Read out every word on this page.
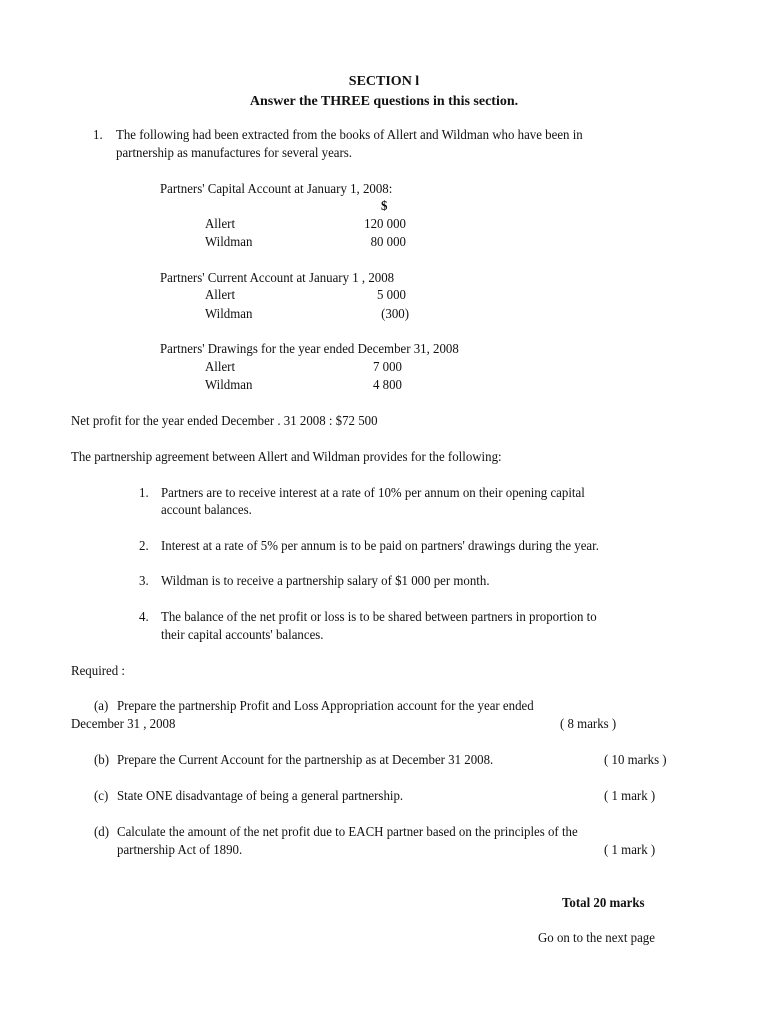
SECTION l
Answer the THREE questions in this section.
1. The following had been extracted from the books of Allert and Wildman who have been in
partnership as manufactures for several years.
Partners' Capital Account at January 1, 2008:
$
Allert	120 000
Wildman	80 000
Partners' Current Account at January 1 , 2008
Allert	5 000
Wildman	(300)
Partners' Drawings for the year ended December 31, 2008
Allert	7 000
Wildman	4 800
Net profit for the year ended December . 31 2008 : $72 500
The partnership agreement between Allert and Wildman provides for the following:
1. Partners are to receive interest at a rate of 10% per annum on their opening capital
account balances.
2. Interest at a rate of 5% per annum is to be paid on partners' drawings during the year.
3. Wildman is to receive a partnership salary of $1 000 per month.
4. The balance of the net profit or loss is to be shared between partners in proportion to
their capital accounts' balances.
Required :
(a) Prepare the partnership Profit and Loss Appropriation account for the year ended
December 31 , 2008	( 8 marks )
(b) Prepare the Current Account for the partnership as at December 31 2008.	( 10 marks )
(c) State ONE disadvantage of being a general partnership.	( 1 mark )
(d) Calculate the amount of the net profit due to EACH partner based on the principles of the
partnership Act of 1890.	( 1 mark )
Total 20 marks
Go on to the next page
